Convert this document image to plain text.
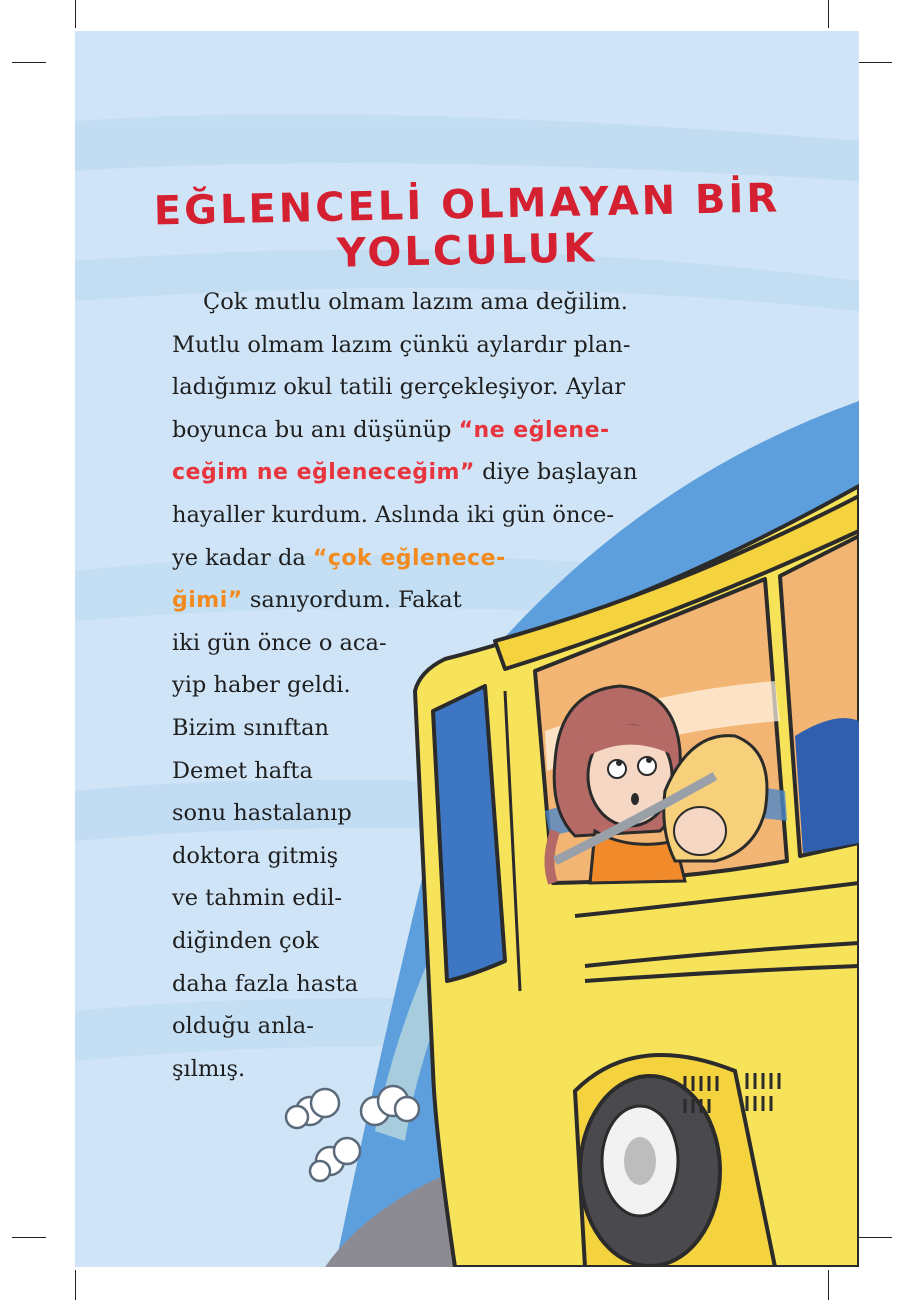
EĞLENCELİ OLMAYAN BİR
YOLCULUK
Çok mutlu olmam lazım ama değilim.
Mutlu olmam lazım çünkü aylardır plan-
ladığımız okul tatili gerçekleşiyor. Aylar
boyunca bu anı düşünüp “ne eğlene-
ceğim ne eğleneceğim” diye başlayan
hayaller kurdum. Aslında iki gün önce-
ye kadar da “çok eğlenece-
ğimi” sanıyordum. Fakat
iki gün önce o aca-
yip haber geldi.
Bizim sınıftan
Demet hafta
sonu hastalanıp
doktora gitmiş
ve tahmin edil-
diğinden çok
daha fazla hasta
olduğu anla-
şılmış.
